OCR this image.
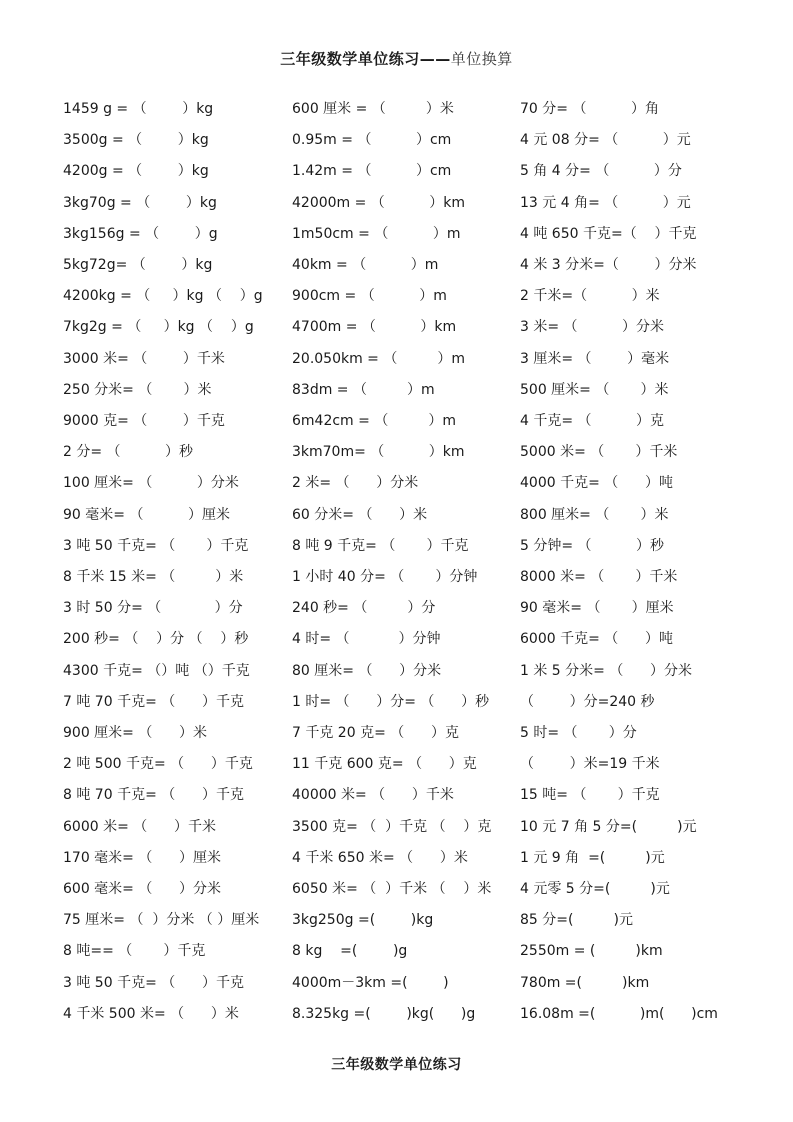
三年级数学单位练习——单位换算
1459 g = （        ）kg
3500g = （        ）kg
4200g = （        ）kg
3kg70g = （        ）kg
3kg156g = （        ）g
5kg72g= （        ）kg
4200kg = （     ）kg （    ）g
7kg2g = （     ）kg （    ）g
3000 米= （        ）千米
250 分米= （       ）米
9000 克= （        ）千克
2 分= （          ）秒
100 厘米= （          ）分米
90 毫米= （          ）厘米
3 吨 50 千克= （       ）千克
8 千米 15 米= （         ）米
3 时 50 分= （            ）分
200 秒= （    ）分 （    ）秒
4300 千克= （）吨 （）千克
7 吨 70 千克= （      ）千克
900 厘米= （      ）米
2 吨 500 千克= （      ）千克
8 吨 70 千克= （      ）千克
6000 米= （      ）千米
170 毫米= （      ）厘米
600 毫米= （      ）分米
75 厘米= （  ）分米 （ ）厘米
8 吨== （       ）千克
3 吨 50 千克= （      ）千克
4 千米 500 米= （      ）米
600 厘米 = （         ）米
0.95m = （          ）cm
1.42m = （          ）cm
42000m = （          ）km
1m50cm = （          ）m
40km = （          ）m
900cm = （          ）m
4700m = （          ）km
20.050km = （         ）m
83dm = （         ）m
6m42cm = （         ）m
3km70m= （          ）km
2 米= （      ）分米
60 分米= （      ）米
8 吨 9 千克= （       ）千克
1 小时 40 分= （       ）分钟
240 秒= （         ）分
4 时= （           ）分钟
80 厘米= （      ）分米
1 时= （      ）分= （      ）秒
7 千克 20 克= （      ）克
11 千克 600 克= （      ）克
40000 米= （      ）千米
3500 克= （  ）千克 （    ）克
4 千米 650 米= （      ）米
6050 米= （  ）千米 （    ）米
3kg250g =(        )kg
8 kg    =(        )g
4000m－3km =(        )
8.325kg =(        )kg(      )g
70 分= （          ）角
4 元 08 分= （          ）元
5 角 4 分= （          ）分
13 元 4 角= （          ）元
4 吨 650 千克=（    ）千克
4 米 3 分米=（        ）分米
2 千米=（          ）米
3 米= （          ）分米
3 厘米= （        ）毫米
500 厘米= （       ）米
4 千克= （          ）克
5000 米= （       ）千米
4000 千克= （      ）吨
800 厘米= （       ）米
5 分钟= （          ）秒
8000 米= （       ）千米
90 毫米= （       ）厘米
6000 千克= （      ）吨
1 米 5 分米= （      ）分米
（        ）分=240 秒
5 时= （       ）分
（        ）米=19 千米
15 吨= （       ）千克
10 元 7 角 5 分=(         )元
1 元 9 角  =(         )元
4 元零 5 分=(         )元
85 分=(         )元
2550m = (         )km
780m =(         )km
16.08m =(          )m(      )cm
三年级数学单位练习
